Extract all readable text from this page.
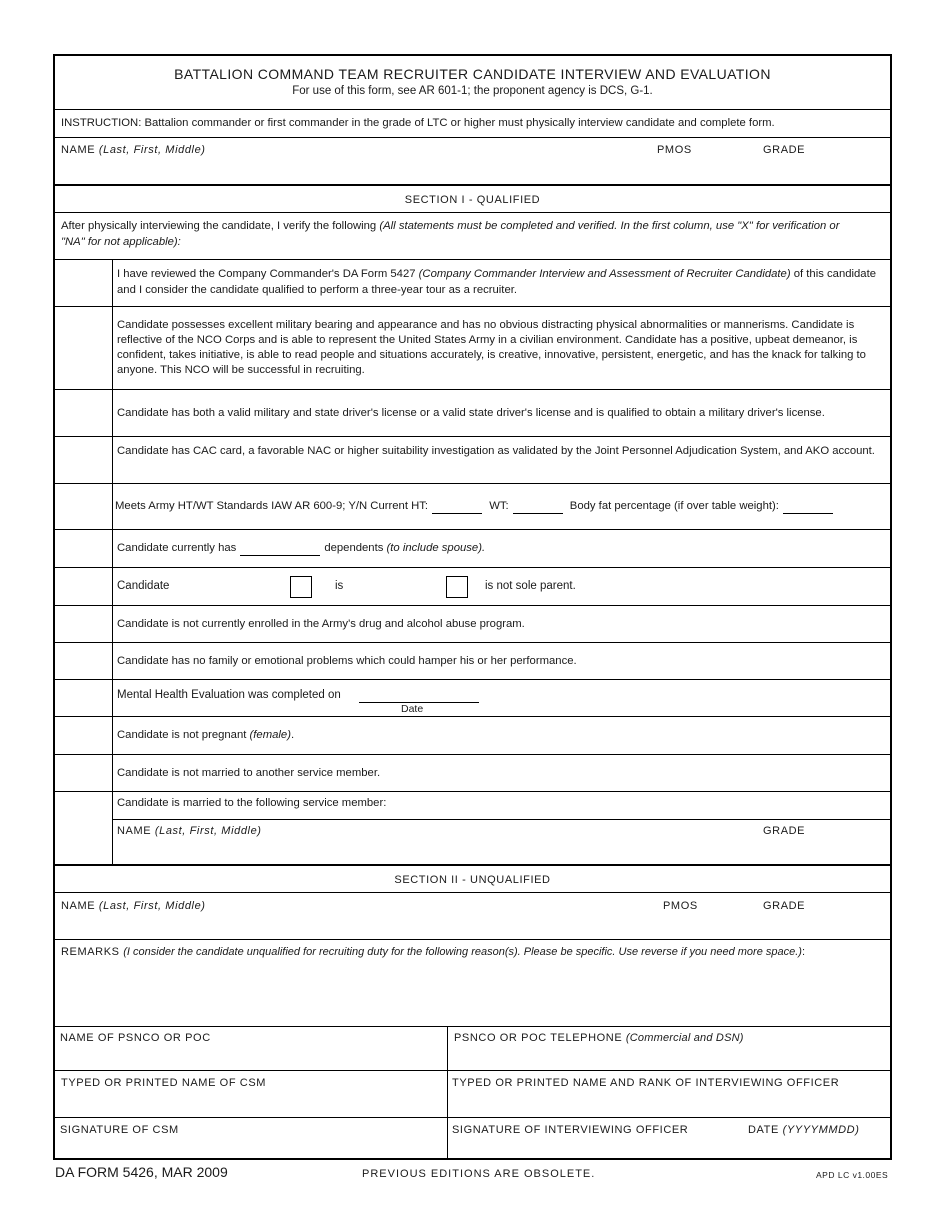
BATTALION COMMAND TEAM RECRUITER CANDIDATE INTERVIEW AND EVALUATION
For use of this form, see AR 601-1; the proponent agency is DCS, G-1.
INSTRUCTION: Battalion commander or first commander in the grade of LTC or higher must physically interview candidate and complete form.
NAME (Last, First, Middle)	PMOS	GRADE
SECTION I - QUALIFIED
After physically interviewing the candidate, I verify the following (All statements must be completed and verified. In the first column, use "X" for verification or "NA" for not applicable):
I have reviewed the Company Commander's DA Form 5427 (Company Commander Interview and Assessment of Recruiter Candidate) of this candidate and I consider the candidate qualified to perform a three-year tour as a recruiter.
Candidate possesses excellent military bearing and appearance and has no obvious distracting physical abnormalities or mannerisms. Candidate is reflective of the NCO Corps and is able to represent the United States Army in a civilian environment. Candidate has a positive, upbeat demeanor, is confident, takes initiative, is able to read people and situations accurately, is creative, innovative, persistent, energetic, and has the knack for talking to anyone. This NCO will be successful in recruiting.
Candidate has both a valid military and state driver's license or a valid state driver's license and is qualified to obtain a military driver's license.
Candidate has CAC card, a favorable NAC or higher suitability investigation as validated by the Joint Personnel Adjudication System, and AKO account.
Meets Army HT/WT Standards IAW AR 600-9; Y/N Current HT:	WT:	Body fat percentage (if over table weight):
Candidate currently has	dependents (to include spouse).
Candidate	is	is not sole parent.
Candidate is not currently enrolled in the Army's drug and alcohol abuse program.
Candidate has no family or emotional problems which could hamper his or her performance.
Mental Health Evaluation was completed on
Date
Candidate is not pregnant (female).
Candidate is not married to another service member.
Candidate is married to the following service member:
NAME (Last, First, Middle)	GRADE
SECTION II - UNQUALIFIED
NAME (Last, First, Middle)	PMOS	GRADE
REMARKS (I consider the candidate unqualified for recruiting duty for the following reason(s). Please be specific. Use reverse if you need more space.):
NAME OF PSNCO OR POC	PSNCO OR POC TELEPHONE (Commercial and DSN)
TYPED OR PRINTED NAME OF CSM	TYPED OR PRINTED NAME AND RANK OF INTERVIEWING OFFICER
SIGNATURE OF CSM	SIGNATURE OF INTERVIEWING OFFICER	DATE (YYYYMMDD)
DA FORM 5426, MAR 2009	PREVIOUS EDITIONS ARE OBSOLETE.	APD LC v1.00ES
